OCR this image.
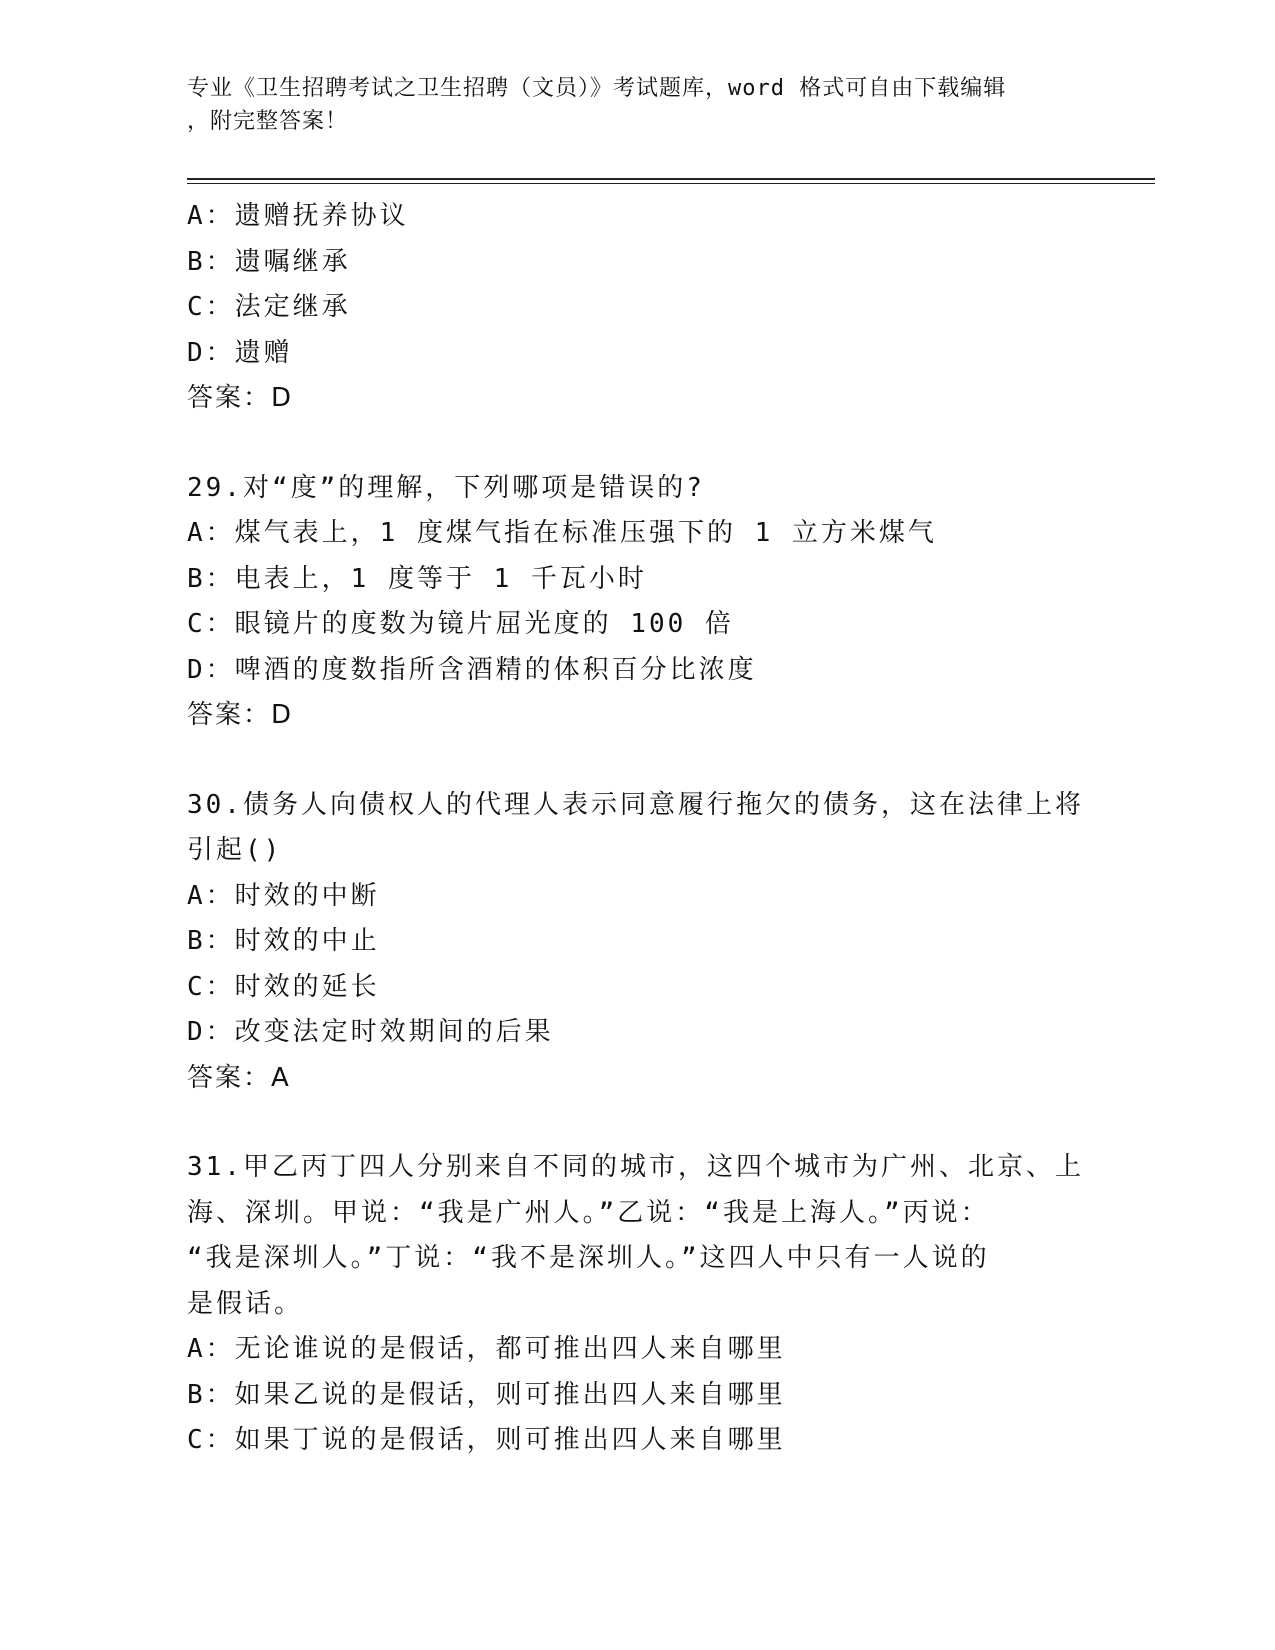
专业《卫生招聘考试之卫生招聘（文员）》考试题库，word 格式可自由下载编辑
，附完整答案！
A：遗赠抚养协议
B：遗嘱继承
C：法定继承
D：遗赠
答案：D
29.对“度”的理解，下列哪项是错误的?
A：煤气表上，1 度煤气指在标准压强下的 1 立方米煤气
B：电表上，1 度等于 1 千瓦小时
C：眼镜片的度数为镜片屈光度的 100 倍
D：啤酒的度数指所含酒精的体积百分比浓度
答案：D
30.债务人向债权人的代理人表示同意履行拖欠的债务，这在法律上将
引起()
A：时效的中断
B：时效的中止
C：时效的延长
D：改变法定时效期间的后果
答案：A
31.甲乙丙丁四人分别来自不同的城市，这四个城市为广州、北京、上
海、深圳。甲说：“我是广州人。”乙说：“我是上海人。”丙说：
“我是深圳人。”丁说：“我不是深圳人。”这四人中只有一人说的
是假话。
A：无论谁说的是假话，都可推出四人来自哪里
B：如果乙说的是假话，则可推出四人来自哪里
C：如果丁说的是假话，则可推出四人来自哪里
